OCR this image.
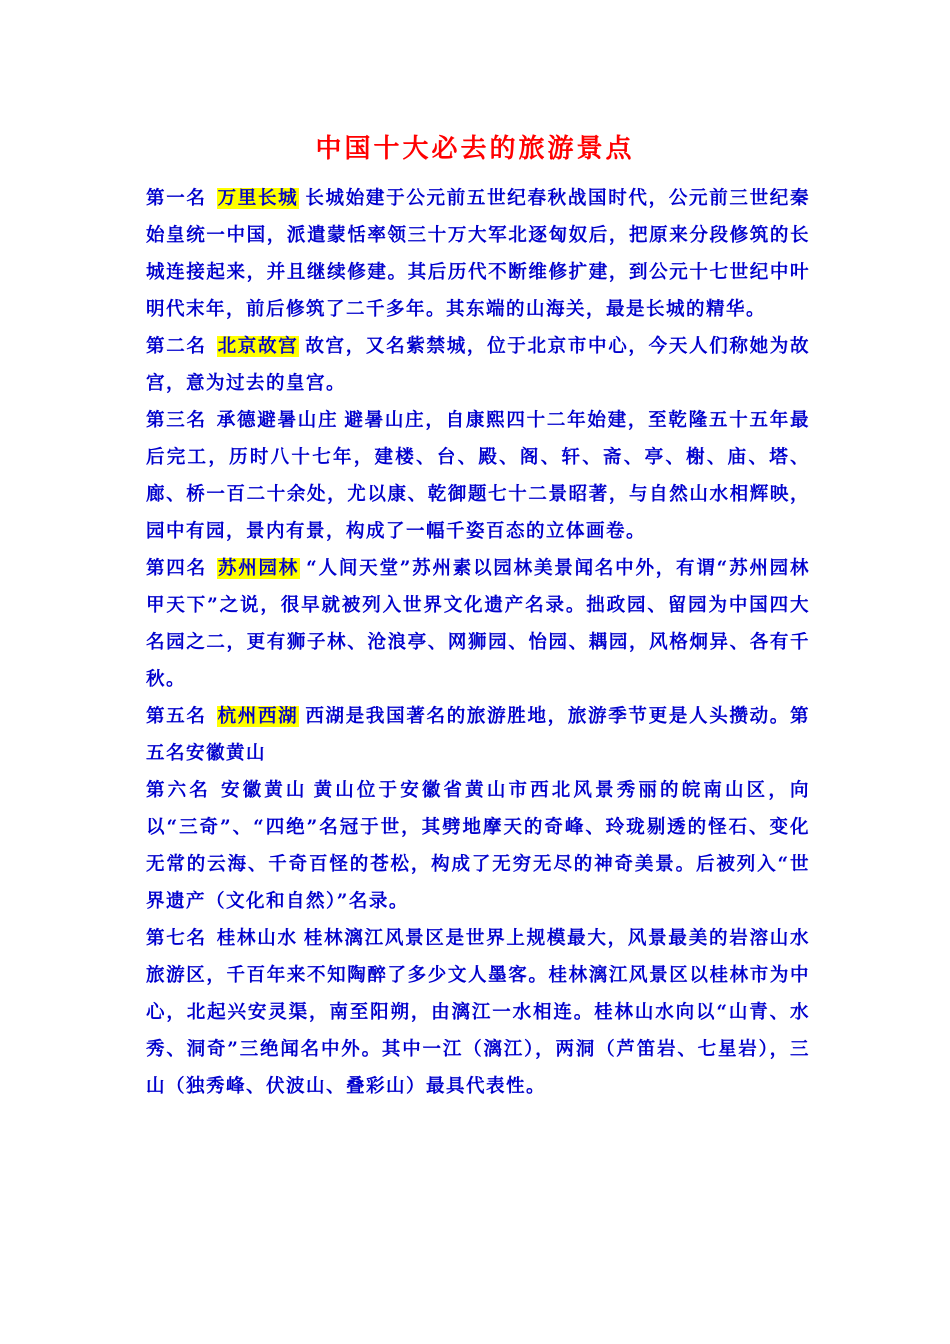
中国十大必去的旅游景点

第一名 万里长城 长城始建于公元前五世纪春秋战国时代，公元前三世纪秦始皇统一中国，派遣蒙恬率领三十万大军北逐匈奴后，把原来分段修筑的长城连接起来，并且继续修建。其后历代不断维修扩建，到公元十七世纪中叶明代末年，前后修筑了二千多年。其东端的山海关，最是长城的精华。

第二名 北京故宫 故宫，又名紫禁城，位于北京市中心，今天人们称她为故宫，意为过去的皇宫。

第三名 承德避暑山庄 避暑山庄，自康熙四十二年始建，至乾隆五十五年最后完工，历时八十七年，建楼、台、殿、阁、轩、斋、亭、榭、庙、塔、廊、桥一百二十余处，尤以康、乾御题七十二景昭著，与自然山水相辉映，园中有园，景内有景，构成了一幅千姿百态的立体画卷。

第四名 苏州园林 “人间天堂”苏州素以园林美景闻名中外，有谓“苏州园林甲天下”之说，很早就被列入世界文化遗产名录。拙政园、留园为中国四大名园之二，更有狮子林、沧浪亭、网狮园、怡园、耦园，风格炯异、各有千秋。

第五名 杭州西湖 西湖是我国著名的旅游胜地，旅游季节更是人头攒动。第五名安徽黄山

第六名 安徽黄山 黄山位于安徽省黄山市西北风景秀丽的皖南山区，向以“三奇”、“四绝”名冠于世，其劈地摩天的奇峰、玲珑剔透的怪石、变化无常的云海、千奇百怪的苍松，构成了无穷无尽的神奇美景。后被列入“世界遗产（文化和自然）”名录。

第七名 桂林山水 桂林漓江风景区是世界上规模最大，风景最美的岩溶山水旅游区，千百年来不知陶醉了多少文人墨客。桂林漓江风景区以桂林市为中心，北起兴安灵渠，南至阳朔，由漓江一水相连。桂林山水向以“山青、水秀、洞奇”三绝闻名中外。其中一江（漓江），两洞（芦笛岩、七星岩），三山（独秀峰、伏波山、叠彩山）最具代表性。
